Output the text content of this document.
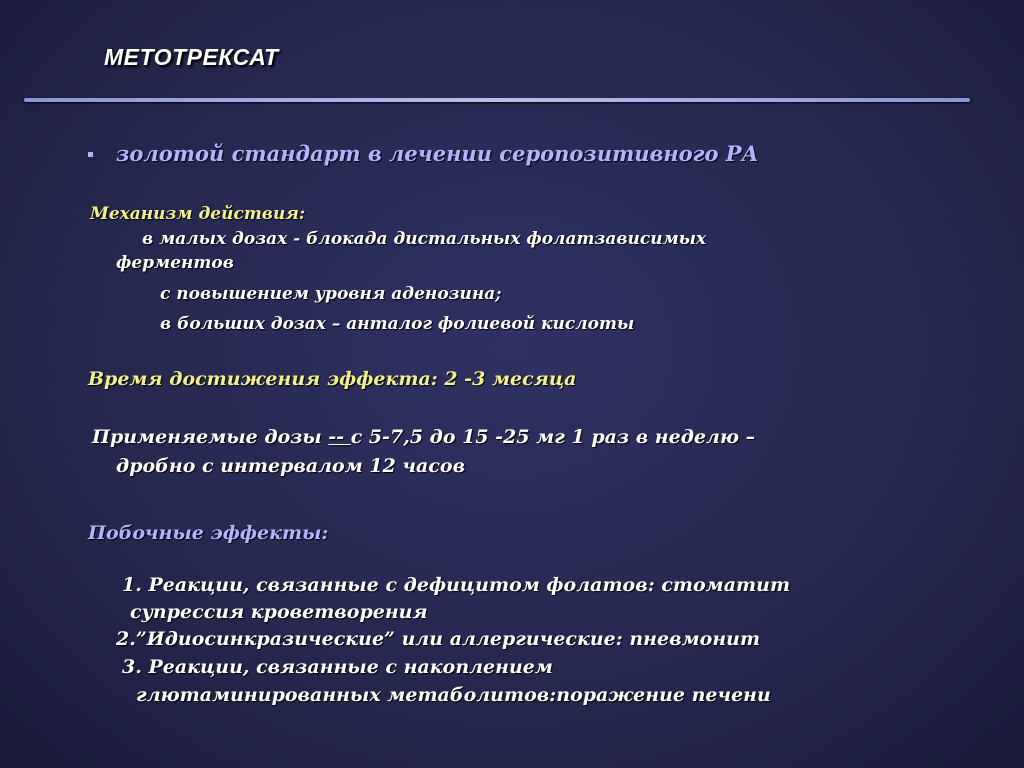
МЕТОТРЕКСАТ
золотой стандарт в лечении серопозитивного РА
Механизм действия:
в малых дозах - блокада дистальных фолатзависимых
ферментов
с повышением уровня аденозина;
в больших дозах – анталог фолиевой кислоты
Время достижения эффекта: 2 -3 месяца
Применяемые дозы -- с 5-7,5 до 15 -25 мг 1 раз в неделю –
дробно с интервалом 12 часов
Побочные эффекты:
1. Реакции, связанные с дефицитом фолатов: стоматит
супрессия кроветворения
2.”Идиосинкразические” или аллергические: пневмонит
3. Реакции, связанные с накоплением
глютаминированных метаболитов:поражение печени
